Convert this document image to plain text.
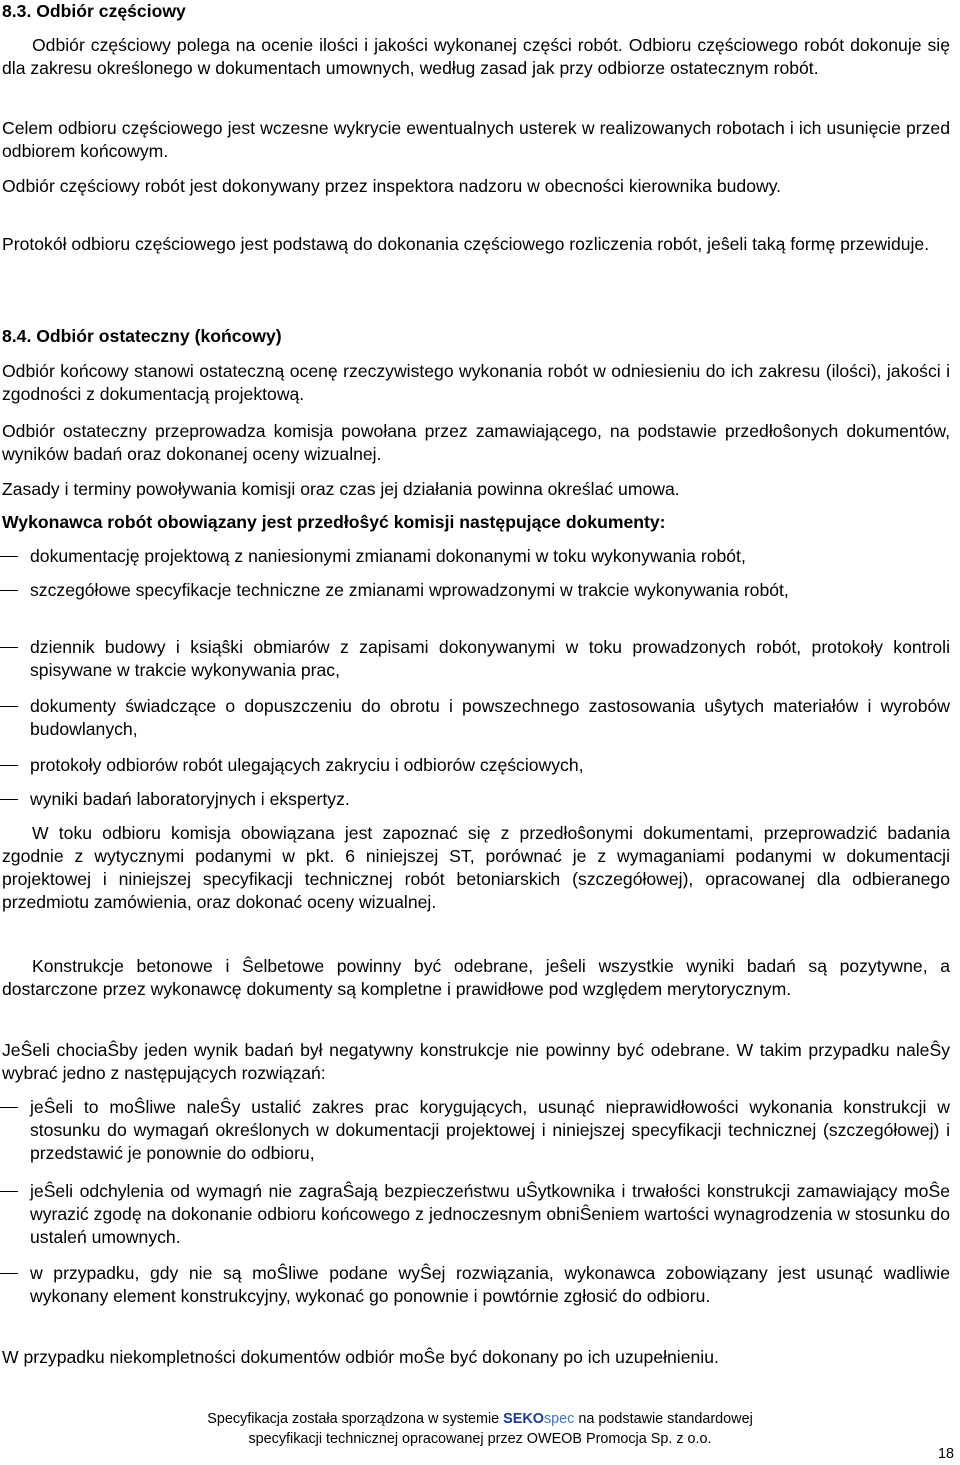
8.3. Odbiór częściowy

Odbiór częściowy polega na ocenie ilości i jakości wykonanej części robót. Odbioru częściowego robót dokonuje się dla zakresu określonego w dokumentach umownych, według zasad jak przy odbiorze ostatecznym robót.

Celem odbioru częściowego jest wczesne wykrycie ewentualnych usterek w realizowanych robotach i ich usunięcie przed odbiorem końcowym.

Odbiór częściowy robót jest dokonywany przez inspektora nadzoru w obecności kierownika budowy.

Protokół odbioru częściowego jest podstawą do dokonania częściowego rozliczenia robót, jeŝeli taką formę przewiduje.

8.4. Odbiór ostateczny (końcowy)

Odbiór końcowy stanowi ostateczną ocenę rzeczywistego wykonania robót w odniesieniu do ich zakresu (ilości), jakości i zgodności z dokumentacją projektową.

Odbiór ostateczny przeprowadza komisja powołana przez zamawiającego, na podstawie przedłoŝonych dokumentów, wyników badań oraz dokonanej oceny wizualnej.

Zasady i terminy powoływania komisji oraz czas jej działania powinna określać umowa.

Wykonawca robót obowiązany jest przedłoŝyć komisji następujące dokumenty:

dokumentację projektową z naniesionymi zmianami dokonanymi w toku wykonywania robót,
szczegółowe specyfikacje techniczne ze zmianami wprowadzonymi w trakcie wykonywania robót,
dziennik budowy i ksiąŝki obmiarów z zapisami dokonywanymi w toku prowadzonych robót, protokoły kontroli spisywane w trakcie wykonywania prac,
dokumenty świadczące o dopuszczeniu do obrotu i powszechnego zastosowania uŝytych materiałów i wyrobów budowlanych,
protokoły odbiorów robót ulegających zakryciu i odbiorów częściowych,
wyniki badań laboratoryjnych i ekspertyz.

W toku odbioru komisja obowiązana jest zapoznać się z przedłoŝonymi dokumentami, przeprowadzić badania zgodnie z wytycznymi podanymi w pkt. 6 niniejszej ST, porównać je z wymaganiami podanymi w dokumentacji projektowej i niniejszej specyfikacji technicznej robót betoniarskich (szczegółowej), opracowanej dla odbieranego przedmiotu zamówienia, oraz dokonać oceny wizualnej.

Konstrukcje betonowe i Ŝelbetowe powinny być odebrane, jeŝeli wszystkie wyniki badań są pozytywne, a dostarczone przez wykonawcę dokumenty są kompletne i prawidłowe pod względem merytorycznym.

JeŜeli chociaŜby jeden wynik badań był negatywny konstrukcje nie powinny być odebrane. W takim przypadku naleŜy wybrać jedno z następujących rozwiązań:

jeŜeli to moŜliwe naleŜy ustalić zakres prac korygujących, usunąć nieprawidłowości wykonania konstrukcji w stosunku do wymagań określonych w dokumentacji projektowej i niniejszej specyfikacji technicznej (szczegółowej) i przedstawić je ponownie do odbioru,
jeŜeli odchylenia od wymagń nie zagraŜają bezpieczeństwu uŜytkownika i trwałości konstrukcji zamawiający moŜe wyrazić zgodę na dokonanie odbioru końcowego z jednoczesnym obniŜeniem wartości wynagrodzenia w stosunku do ustaleń umownych.
w przypadku, gdy nie są moŜliwe podane wyŜej rozwiązania, wykonawca zobowiązany jest usunąć wadliwie wykonany element konstrukcyjny, wykonać go ponownie i powtórnie zgłosić do odbioru.

W przypadku niekompletności dokumentów odbiór moŜe być dokonany po ich uzupełnieniu.

Specyfikacja została sporządzona w systemie SEKOspec na podstawie standardowej
specyfikacji technicznej opracowanej przez OWEOB Promocja Sp. z o.o.
18
